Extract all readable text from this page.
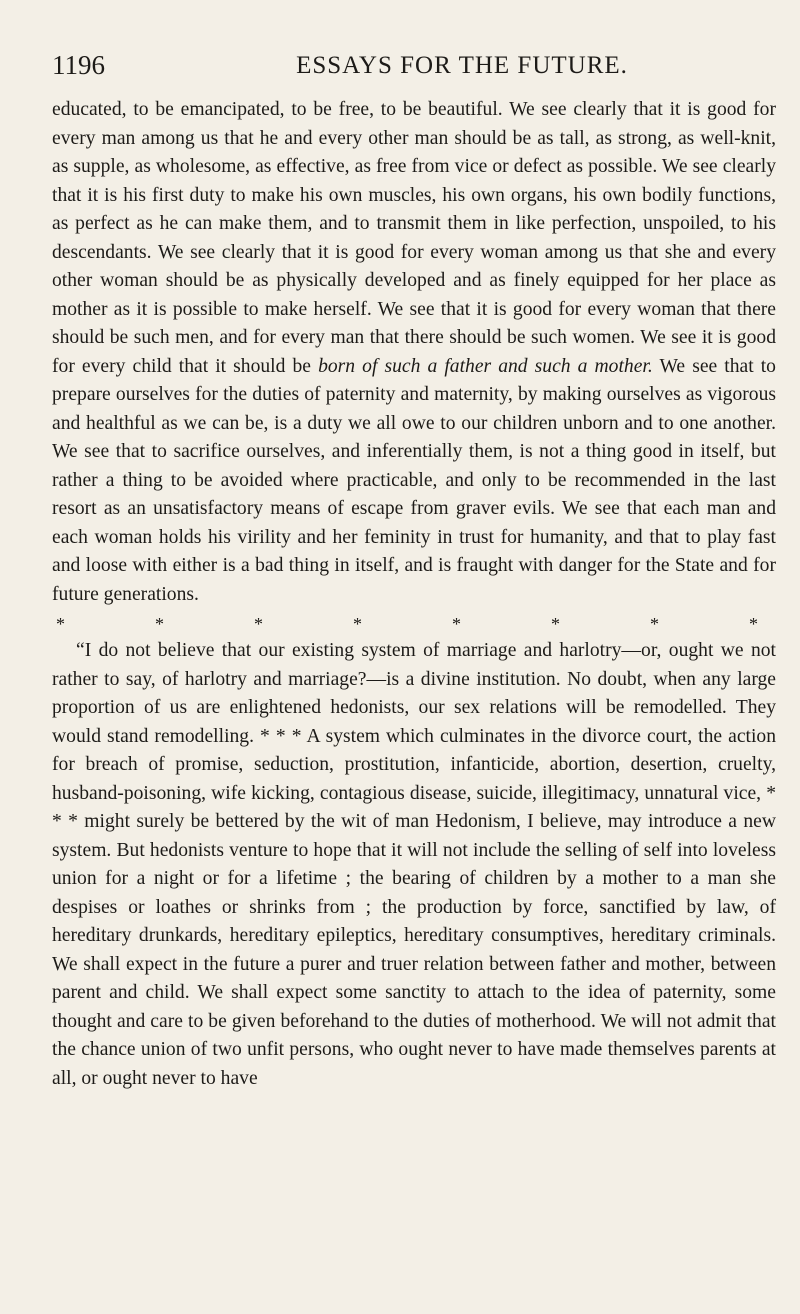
1196	ESSAYS FOR THE FUTURE.

educated, to be emancipated, to be free, to be beautiful. We see clearly that it is good for every man among us that he and every other man should be as tall, as strong, as well-knit, as supple, as wholesome, as effective, as free from vice or defect as possible. We see clearly that it is his first duty to make his own muscles, his own organs, his own bodily functions, as perfect as he can make them, and to transmit them in like perfection, unspoiled, to his descendants. We see clearly that it is good for every woman among us that she and every other woman should be as physically developed and as finely equipped for her place as mother as it is possible to make herself. We see that it is good for every woman that there should be such men, and for every man that there should be such women. We see it is good for every child that it should be born of such a father and such a mother. We see that to prepare ourselves for the duties of paternity and maternity, by making ourselves as vigorous and healthful as we can be, is a duty we all owe to our children unborn and to one another. We see that to sacrifice ourselves, and inferentially them, is not a thing good in itself, but rather a thing to be avoided where practicable, and only to be recommended in the last resort as an unsatisfactory means of escape from graver evils. We see that each man and each woman holds his virility and her feminity in trust for humanity, and that to play fast and loose with either is a bad thing in itself, and is fraught with danger for the State and for future generations.

*	*	*	*	*	*	*	*

“I do not believe that our existing system of marriage and harlotry—or, ought we not rather to say, of harlotry and marriage?—is a divine institution. No doubt, when any large proportion of us are enlightened hedonists, our sex relations will be remodelled. They would stand remodelling. * * * A system which culminates in the divorce court, the action for breach of promise, seduction, prostitution, infanticide, abortion, desertion, cruelty, husband-poisoning, wife kicking, contagious disease, suicide, illegitimacy, unnatural vice, * * * might surely be bettered by the wit of man Hedonism, I believe, may introduce a new system. But hedonists venture to hope that it will not include the selling of self into loveless union for a night or for a lifetime ; the bearing of children by a mother to a man she despises or loathes or shrinks from ; the production by force, sanctified by law, of hereditary drunkards, hereditary epileptics, hereditary consumptives, hereditary criminals. We shall expect in the future a purer and truer relation between father and mother, between parent and child. We shall expect some sanctity to attach to the idea of paternity, some thought and care to be given beforehand to the duties of motherhood. We will not admit that the chance union of two unfit persons, who ought never to have made themselves parents at all, or ought never to have
